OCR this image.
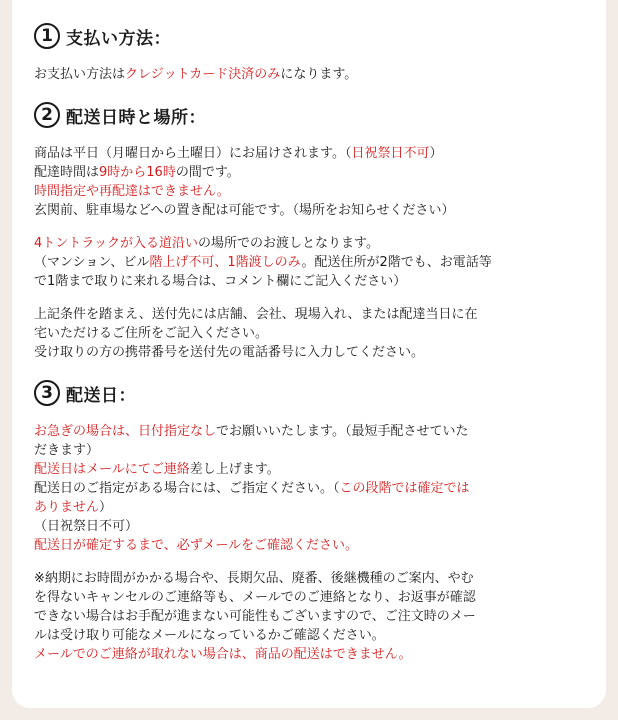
1 支払い方法：

お支払い方法はクレジットカード決済のみになります。

2 配送日時と場所：

商品は平日（月曜日から土曜日）にお届けされます。（日祝祭日不可）
配達時間は9時から16時の間です。
時間指定や再配達はできません。
玄関前、駐車場などへの置き配は可能です。（場所をお知らせください）

4トントラックが入る道沿いの場所でのお渡しとなります。
（マンション、ビル階上げ不可、1階渡しのみ。配送住所が2階でも、お電話等
で1階まで取りに来れる場合は、コメント欄にご記入ください）

上記条件を踏まえ、送付先には店舗、会社、現場入れ、または配達当日に在
宅いただけるご住所をご記入ください。
受け取りの方の携帯番号を送付先の電話番号に入力してください。

3 配送日：

お急ぎの場合は、日付指定なしでお願いいたします。（最短手配させていた
だきます）
配送日はメールにてご連絡差し上げます。
配送日のご指定がある場合には、ご指定ください。（この段階では確定では
ありません）
（日祝祭日不可）
配送日が確定するまで、必ずメールをご確認ください。

※納期にお時間がかかる場合や、長期欠品、廃番、後継機種のご案内、やむ
を得ないキャンセルのご連絡等も、メールでのご連絡となり、お返事が確認
できない場合はお手配が進まない可能性もございますので、ご注文時のメー
ルは受け取り可能なメールになっているかご確認ください。
メールでのご連絡が取れない場合は、商品の配送はできません。
